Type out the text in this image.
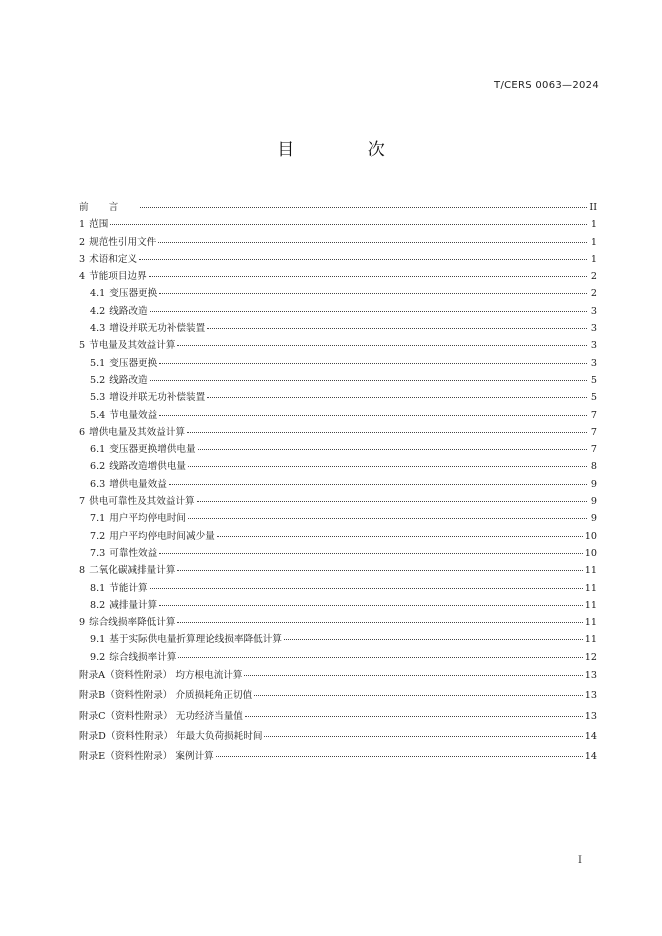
T/CERS 0063—2024
目 次
前言	II
1 范围	1
2 规范性引用文件	1
3 术语和定义	1
4 节能项目边界	2
4.1 变压器更换	2
4.2 线路改造	3
4.3 增设并联无功补偿装置	3
5 节电量及其效益计算	3
5.1 变压器更换	3
5.2 线路改造	5
5.3 增设并联无功补偿装置	5
5.4 节电量效益	7
6 增供电量及其效益计算	7
6.1 变压器更换增供电量	7
6.2 线路改造增供电量	8
6.3 增供电量效益	9
7 供电可靠性及其效益计算	9
7.1 用户平均停电时间	9
7.2 用户平均停电时间减少量	10
7.3 可靠性效益	10
8 二氧化碳减排量计算	11
8.1 节能计算	11
8.2 减排量计算	11
9 综合线损率降低计算	11
9.1 基于实际供电量折算理论线损率降低计算	11
9.2 综合线损率计算	12
附录A（资料性附录） 均方根电流计算	13
附录B（资料性附录） 介质损耗角正切值	13
附录C（资料性附录） 无功经济当量值	13
附录D（资料性附录） 年最大负荷损耗时间	14
附录E（资料性附录） 案例计算	14
I
